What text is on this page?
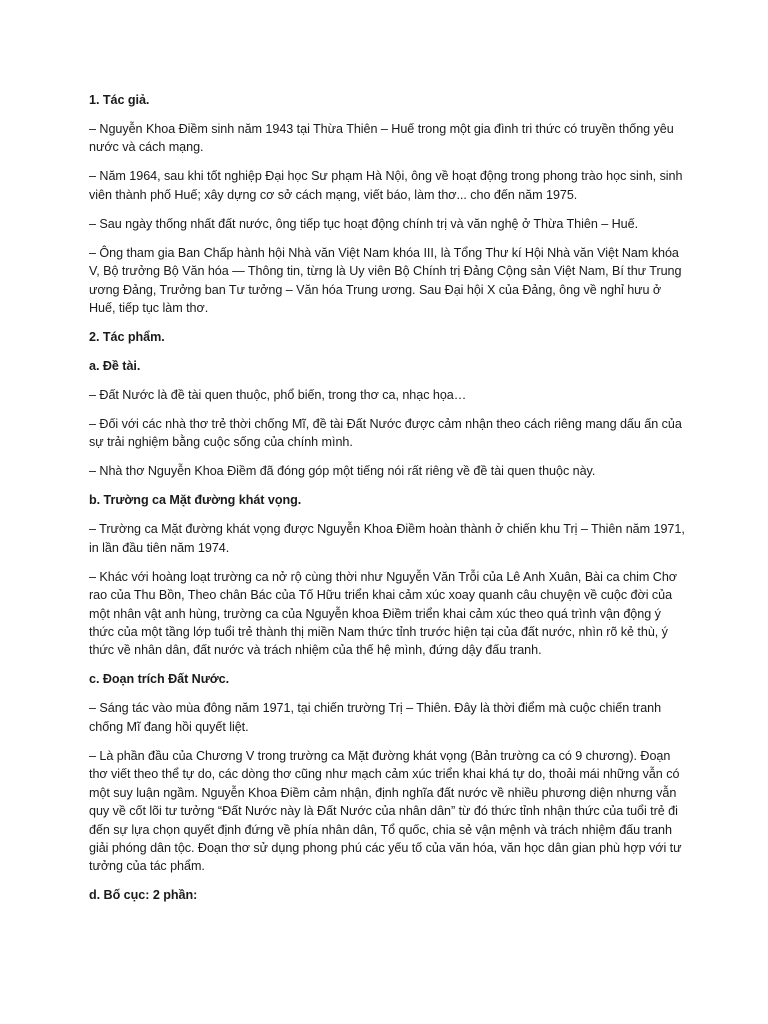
1. Tác giả.

– Nguyễn Khoa Điềm sinh năm 1943 tại Thừa Thiên – Huế trong một gia đình tri thức có truyền thống yêu nước và cách mạng.

– Năm 1964, sau khi tốt nghiệp Đại học Sư phạm Hà Nội, ông về hoạt động trong phong trào học sinh, sinh viên thành phố Huế; xây dựng cơ sở cách mạng, viết báo, làm thơ... cho đến năm 1975.

– Sau ngày thống nhất đất nước, ông tiếp tục hoạt động chính trị và văn nghệ ở Thừa Thiên – Huế.

– Ông tham gia Ban Chấp hành hội Nhà văn Việt Nam khóa III, là Tổng Thư kí Hội Nhà văn Việt Nam khóa V, Bộ trưởng Bộ Văn hóa — Thông tin, từng là Uy viên Bộ Chính trị Đảng Cộng sản Việt Nam, Bí thư Trung ương Đảng, Trưởng ban Tư tưởng – Văn hóa Trung ương. Sau Đại hội X của Đảng, ông về nghỉ hưu ở Huế, tiếp tục làm thơ.

2. Tác phẩm.

a. Đề tài.

– Đất Nước là đề tài quen thuộc, phổ biến, trong thơ ca, nhạc họa…

– Đối với các nhà thơ trẻ thời chống Mĩ, đề tài Đất Nước được cảm nhận theo cách riêng mang dấu ấn của sự trải nghiệm bằng cuộc sống của chính mình.

– Nhà thơ Nguyễn Khoa Điềm đã đóng góp một tiếng nói rất riêng về đề tài quen thuộc này.

b. Trường ca Mặt đường khát vọng.

– Trường ca Mặt đường khát vọng được Nguyễn Khoa Điềm hoàn thành ở chiến khu Trị – Thiên năm 1971, in lần đầu tiên năm 1974.

– Khác với hoàng loạt trường ca nở rộ cùng thời như Nguyễn Văn Trỗi của Lê Anh Xuân, Bài ca chim Chơ rao của Thu Bồn, Theo chân Bác của Tố Hữu triển khai cảm xúc xoay quanh câu chuyện về cuộc đời của một nhân vật anh hùng, trường ca của Nguyễn khoa Điềm triển khai cảm xúc theo quá trình vận động ý thức của một tầng lớp tuổi trẻ thành thị miền Nam thức tỉnh trước hiện tại của đất nước, nhìn rõ kẻ thù, ý thức về nhân dân, đất nước và trách nhiệm của thế hệ mình, đứng dậy đấu tranh.

c. Đoạn trích Đất Nước.

– Sáng tác vào mùa đông năm 1971, tại chiến trường Trị – Thiên. Đây là thời điểm mà cuộc chiến tranh chống Mĩ đang hồi quyết liệt.

– Là phần đầu của Chương V trong trường ca Mặt đường khát vọng (Bản trường ca có 9 chương). Đoạn thơ viết theo thể tự do, các dòng thơ cũng như mạch cảm xúc triển khai khá tự do, thoải mái những vẫn có một suy luận ngầm. Nguyễn Khoa Điềm cảm nhận, định nghĩa đất nước về nhiều phương diện nhưng vẫn quy về cốt lõi tư tưởng “Đất Nước này là Đất Nước của nhân dân” từ đó thức tỉnh nhận thức của tuổi trẻ đi đến sự lựa chọn quyết định đứng về phía nhân dân, Tổ quốc, chia sẻ vận mệnh và trách nhiệm đấu tranh giải phóng dân tộc. Đoạn thơ sử dụng phong phú các yếu tố của văn hóa, văn học dân gian phù hợp với tư tưởng của tác phẩm.

d. Bố cục: 2 phần:
